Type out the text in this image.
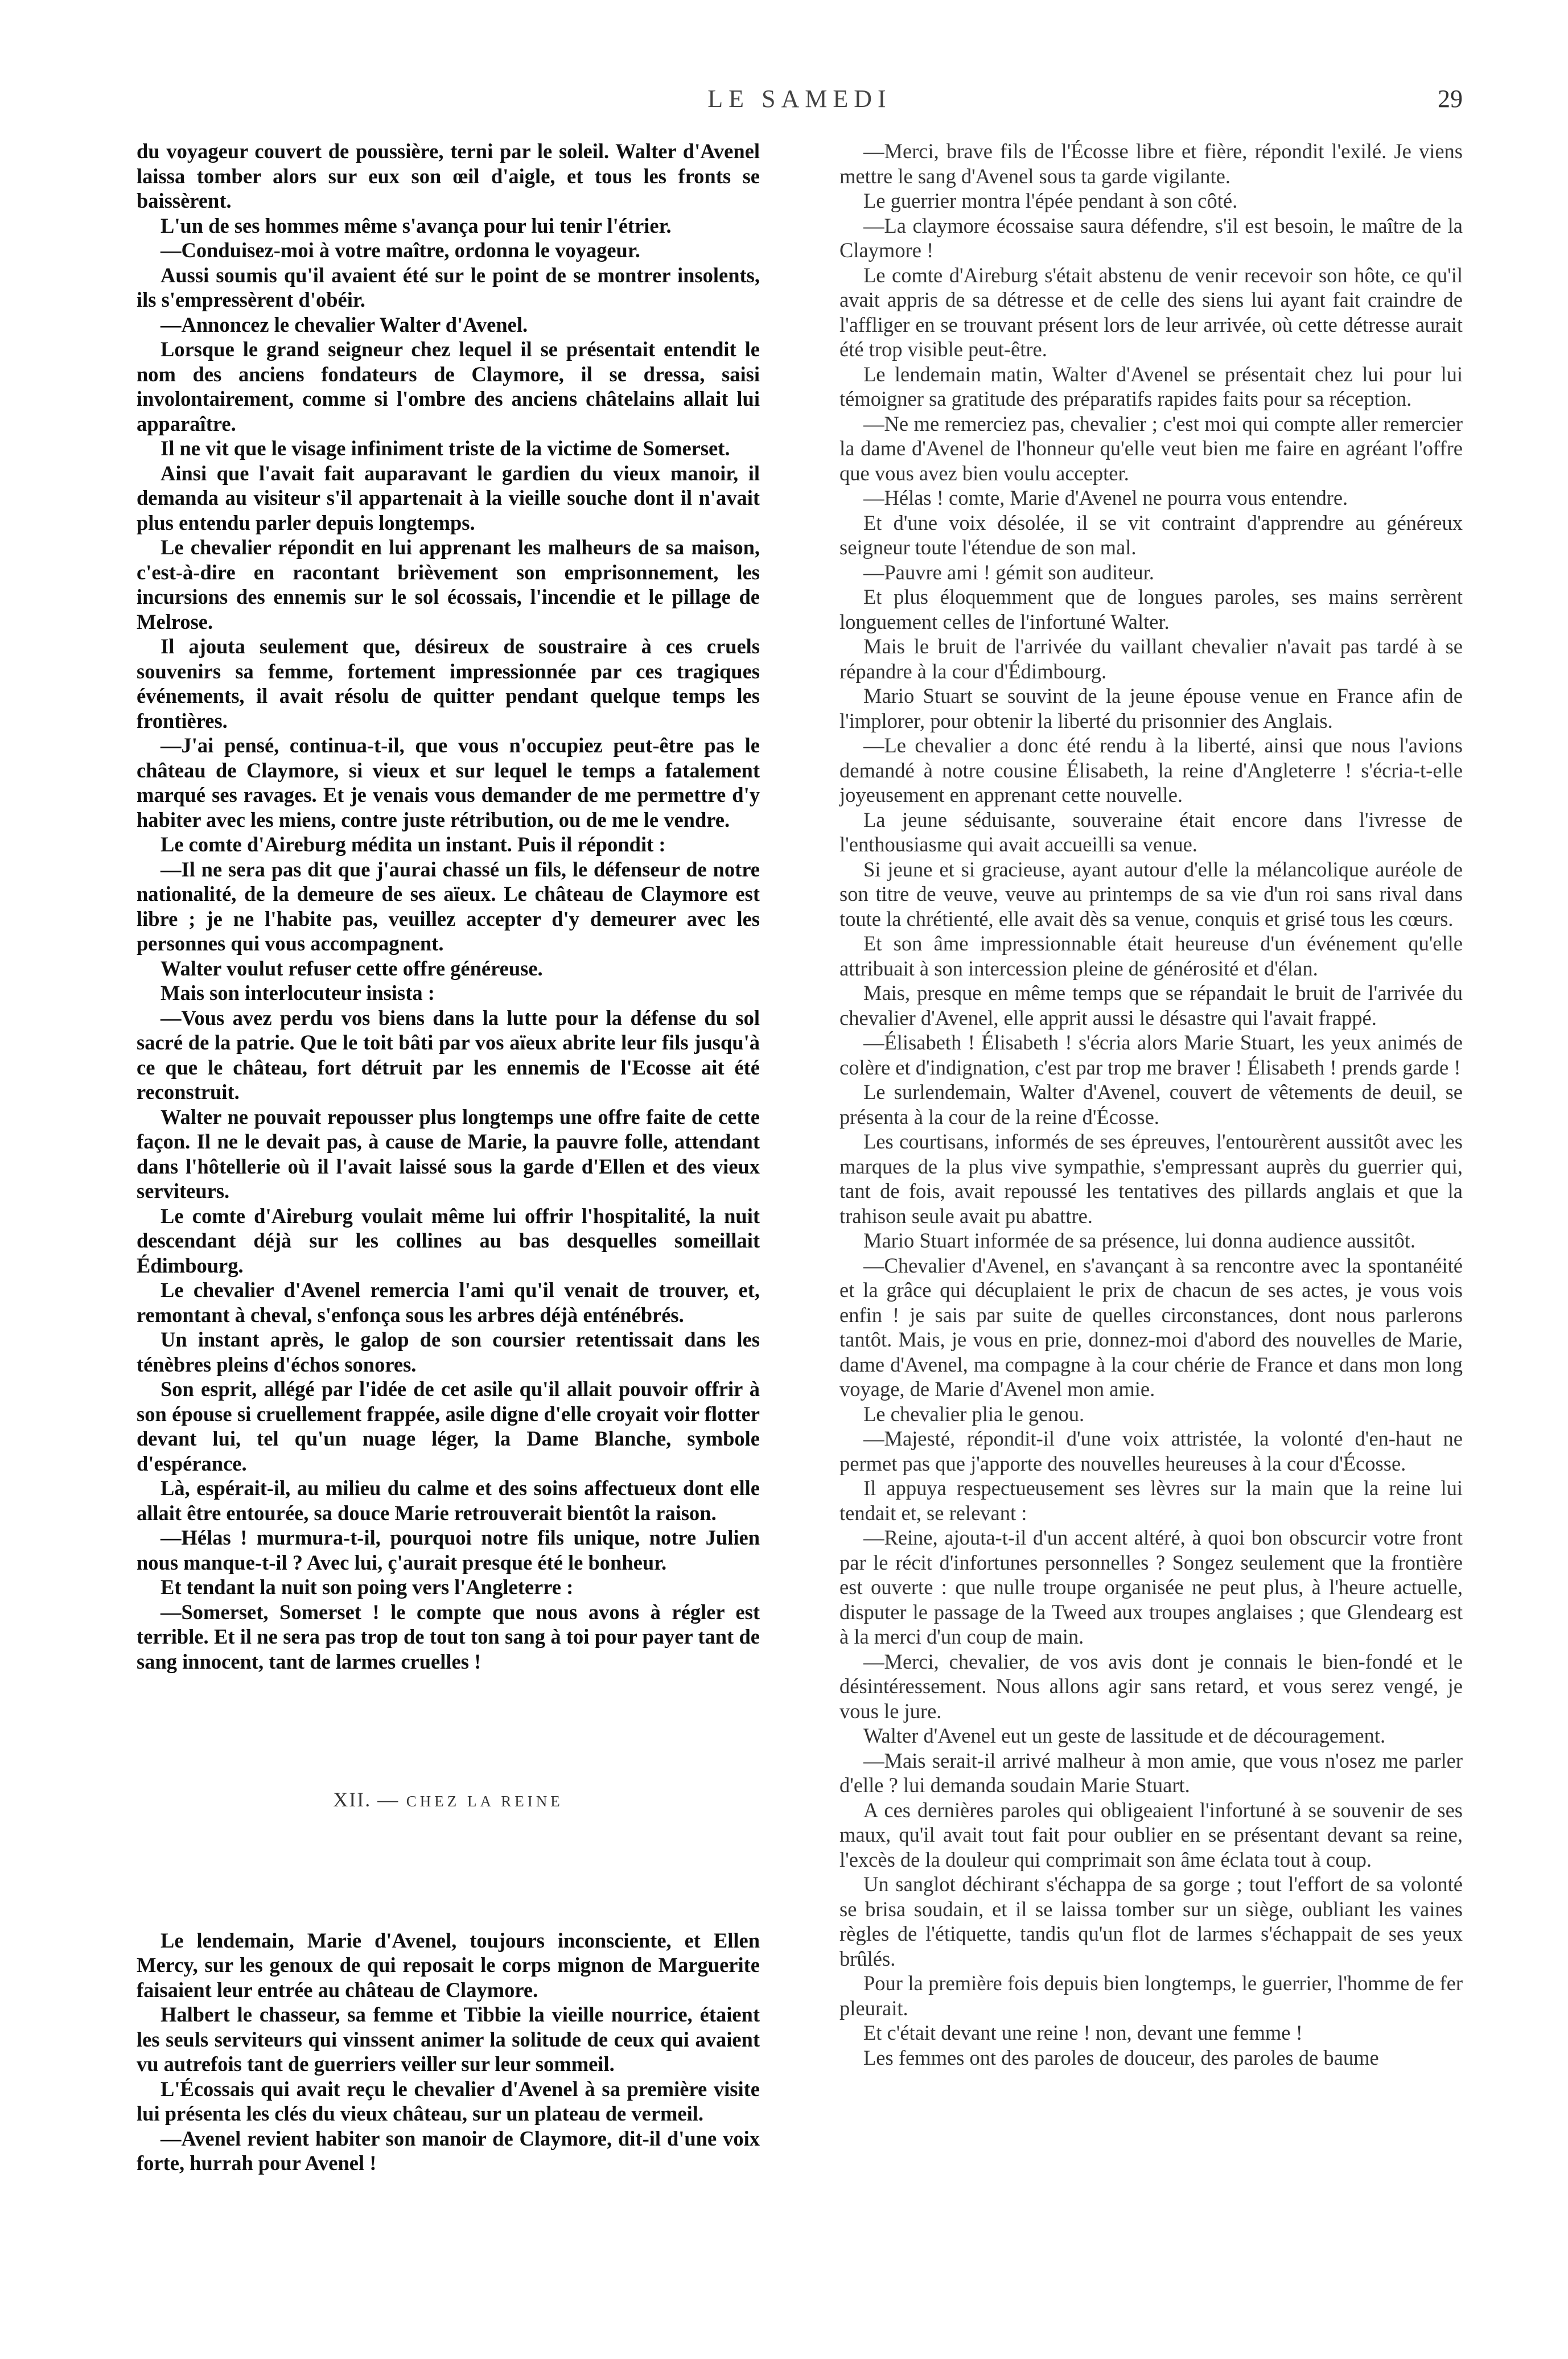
LE SAMEDI	29

du voyageur couvert de poussière, terni par le soleil. Walter d'Avenel laissa tomber alors sur eux son œil d'aigle, et tous les fronts se baissèrent.

L'un de ses hommes même s'avança pour lui tenir l'étrier.

—Conduisez-moi à votre maître, ordonna le voyageur.

Aussi soumis qu'il avaient été sur le point de se montrer insolents, ils s'empressèrent d'obéir.

—Annoncez le chevalier Walter d'Avenel.

Lorsque le grand seigneur chez lequel il se présentait entendit le nom des anciens fondateurs de Claymore, il se dressa, saisi involontairement, comme si l'ombre des anciens châtelains allait lui apparaître.

Il ne vit que le visage infiniment triste de la victime de Somerset.

Ainsi que l'avait fait auparavant le gardien du vieux manoir, il demanda au visiteur s'il appartenait à la vieille souche dont il n'avait plus entendu parler depuis longtemps.

Le chevalier répondit en lui apprenant les malheurs de sa maison, c'est-à-dire en racontant brièvement son emprisonnement, les incursions des ennemis sur le sol écossais, l'incendie et le pillage de Melrose.

Il ajouta seulement que, désireux de soustraire à ces cruels souvenirs sa femme, fortement impressionnée par ces tragiques événements, il avait résolu de quitter pendant quelque temps les frontières.

—J'ai pensé, continua-t-il, que vous n'occupiez peut-être pas le château de Claymore, si vieux et sur lequel le temps a fatalement marqué ses ravages. Et je venais vous demander de me permettre d'y habiter avec les miens, contre juste rétribution, ou de me le vendre.

Le comte d'Aireburg médita un instant. Puis il répondit :

—Il ne sera pas dit que j'aurai chassé un fils, le défenseur de notre nationalité, de la demeure de ses aïeux. Le château de Claymore est libre ; je ne l'habite pas, veuillez accepter d'y demeurer avec les personnes qui vous accompagnent.

Walter voulut refuser cette offre généreuse.

Mais son interlocuteur insista :

—Vous avez perdu vos biens dans la lutte pour la défense du sol sacré de la patrie. Que le toit bâti par vos aïeux abrite leur fils jusqu'à ce que le château, fort détruit par les ennemis de l'Ecosse ait été reconstruit.

Walter ne pouvait repousser plus longtemps une offre faite de cette façon. Il ne le devait pas, à cause de Marie, la pauvre folle, attendant dans l'hôtellerie où il l'avait laissé sous la garde d'Ellen et des vieux serviteurs.

Le comte d'Aireburg voulait même lui offrir l'hospitalité, la nuit descendant déjà sur les collines au bas desquelles someillait Édimbourg.

Le chevalier d'Avenel remercia l'ami qu'il venait de trouver, et, remontant à cheval, s'enfonça sous les arbres déjà enténébrés.

Un instant après, le galop de son coursier retentissait dans les ténèbres pleins d'échos sonores.

Son esprit, allégé par l'idée de cet asile qu'il allait pouvoir offrir à son épouse si cruellement frappée, asile digne d'elle croyait voir flotter devant lui, tel qu'un nuage léger, la Dame Blanche, symbole d'espérance.

Là, espérait-il, au milieu du calme et des soins affectueux dont elle allait être entourée, sa douce Marie retrouverait bientôt la raison.

—Hélas ! murmura-t-il, pourquoi notre fils unique, notre Julien nous manque-t-il ? Avec lui, ç'aurait presque été le bonheur.

Et tendant la nuit son poing vers l'Angleterre :

—Somerset, Somerset ! le compte que nous avons à régler est terrible. Et il ne sera pas trop de tout ton sang à toi pour payer tant de sang innocent, tant de larmes cruelles !

XII. — CHEZ LA REINE

Le lendemain, Marie d'Avenel, toujours inconsciente, et Ellen Mercy, sur les genoux de qui reposait le corps mignon de Marguerite faisaient leur entrée au château de Claymore.

Halbert le chasseur, sa femme et Tibbie la vieille nourrice, étaient les seuls serviteurs qui vinssent animer la solitude de ceux qui avaient vu autrefois tant de guerriers veiller sur leur sommeil.

L'Écossais qui avait reçu le chevalier d'Avenel à sa première visite lui présenta les clés du vieux château, sur un plateau de vermeil.

—Avenel revient habiter son manoir de Claymore, dit-il d'une voix forte, hurrah pour Avenel !

—Merci, brave fils de l'Écosse libre et fière, répondit l'exilé. Je viens mettre le sang d'Avenel sous ta garde vigilante.

Le guerrier montra l'épée pendant à son côté.

—La claymore écossaise saura défendre, s'il est besoin, le maître de la Claymore !

Le comte d'Aireburg s'était abstenu de venir recevoir son hôte, ce qu'il avait appris de sa détresse et de celle des siens lui ayant fait craindre de l'affliger en se trouvant présent lors de leur arrivée, où cette détresse aurait été trop visible peut-être.

Le lendemain matin, Walter d'Avenel se présentait chez lui pour lui témoigner sa gratitude des préparatifs rapides faits pour sa réception.

—Ne me remerciez pas, chevalier ; c'est moi qui compte aller remercier la dame d'Avenel de l'honneur qu'elle veut bien me faire en agréant l'offre que vous avez bien voulu accepter.

—Hélas ! comte, Marie d'Avenel ne pourra vous entendre.

Et d'une voix désolée, il se vit contraint d'apprendre au généreux seigneur toute l'étendue de son mal.

—Pauvre ami ! gémit son auditeur.

Et plus éloquemment que de longues paroles, ses mains serrèrent longuement celles de l'infortuné Walter.

Mais le bruit de l'arrivée du vaillant chevalier n'avait pas tardé à se répandre à la cour d'Édimbourg.

Mario Stuart se souvint de la jeune épouse venue en France afin de l'implorer, pour obtenir la liberté du prisonnier des Anglais.

—Le chevalier a donc été rendu à la liberté, ainsi que nous l'avions demandé à notre cousine Élisabeth, la reine d'Angleterre ! s'écria-t-elle joyeusement en apprenant cette nouvelle.

La jeune séduisante, souveraine était encore dans l'ivresse de l'enthousiasme qui avait accueilli sa venue.

Si jeune et si gracieuse, ayant autour d'elle la mélancolique auréole de son titre de veuve, veuve au printemps de sa vie d'un roi sans rival dans toute la chrétienté, elle avait dès sa venue, conquis et grisé tous les cœurs.

Et son âme impressionnable était heureuse d'un événement qu'elle attribuait à son intercession pleine de générosité et d'élan.

Mais, presque en même temps que se répandait le bruit de l'arrivée du chevalier d'Avenel, elle apprit aussi le désastre qui l'avait frappé.

—Élisabeth ! Élisabeth ! s'écria alors Marie Stuart, les yeux animés de colère et d'indignation, c'est par trop me braver ! Élisabeth ! prends garde !

Le surlendemain, Walter d'Avenel, couvert de vêtements de deuil, se présenta à la cour de la reine d'Écosse.

Les courtisans, informés de ses épreuves, l'entourèrent aussitôt avec les marques de la plus vive sympathie, s'empressant auprès du guerrier qui, tant de fois, avait repoussé les tentatives des pillards anglais et que la trahison seule avait pu abattre.

Mario Stuart informée de sa présence, lui donna audience aussitôt.

—Chevalier d'Avenel, en s'avançant à sa rencontre avec la spontanéité et la grâce qui décuplaient le prix de chacun de ses actes, je vous vois enfin ! je sais par suite de quelles circonstances, dont nous parlerons tantôt. Mais, je vous en prie, donnez-moi d'abord des nouvelles de Marie, dame d'Avenel, ma compagne à la cour chérie de France et dans mon long voyage, de Marie d'Avenel mon amie.

Le chevalier plia le genou.

—Majesté, répondit-il d'une voix attristée, la volonté d'en-haut ne permet pas que j'apporte des nouvelles heureuses à la cour d'Écosse.

Il appuya respectueusement ses lèvres sur la main que la reine lui tendait et, se relevant :

—Reine, ajouta-t-il d'un accent altéré, à quoi bon obscurcir votre front par le récit d'infortunes personnelles ? Songez seulement que la frontière est ouverte : que nulle troupe organisée ne peut plus, à l'heure actuelle, disputer le passage de la Tweed aux troupes anglaises ; que Glendearg est à la merci d'un coup de main.

—Merci, chevalier, de vos avis dont je connais le bien-fondé et le désintéressement. Nous allons agir sans retard, et vous serez vengé, je vous le jure.

Walter d'Avenel eut un geste de lassitude et de découragement.

—Mais serait-il arrivé malheur à mon amie, que vous n'osez me parler d'elle ? lui demanda soudain Marie Stuart.

A ces dernières paroles qui obligeaient l'infortuné à se souvenir de ses maux, qu'il avait tout fait pour oublier en se présentant devant sa reine, l'excès de la douleur qui comprimait son âme éclata tout à coup.

Un sanglot déchirant s'échappa de sa gorge ; tout l'effort de sa volonté se brisa soudain, et il se laissa tomber sur un siège, oubliant les vaines règles de l'étiquette, tandis qu'un flot de larmes s'échappait de ses yeux brûlés.

Pour la première fois depuis bien longtemps, le guerrier, l'homme de fer pleurait.

Et c'était devant une reine ! non, devant une femme !

Les femmes ont des paroles de douceur, des paroles de baume
